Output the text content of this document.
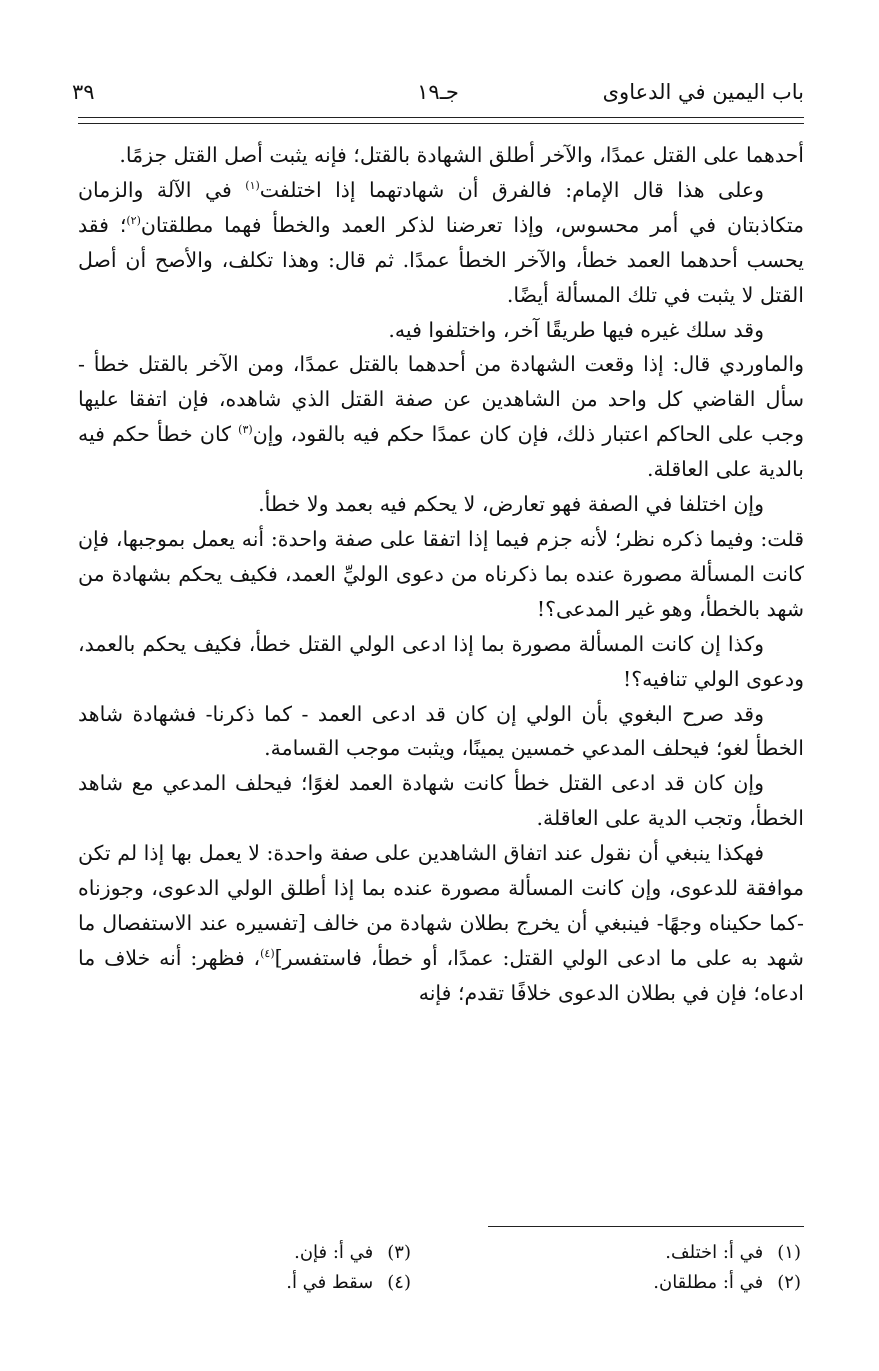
باب اليمين في الدعاوى
جـ١٩
٣٩

أحدهما على القتل عمدًا، والآخر أطلق الشهادة بالقتل؛ فإنه يثبت أصل القتل جزمًا.

وعلى هذا قال الإمام: فالفرق أن شهادتهما إذا اختلفت$^{(١)}$ في الآلة والزمان متكاذبتان في أمر محسوس، وإذا تعرضنا لذكر العمد والخطأ فهما مطلقتان$^{(٢)}$؛ فقد يحسب أحدهما العمد خطأ، والآخر الخطأ عمدًا. ثم قال: وهذا تكلف، والأصح أن أصل القتل لا يثبت في تلك المسألة أيضًا.

وقد سلك غيره فيها طريقًا آخر، واختلفوا فيه.

والماوردي قال: إذا وقعت الشهادة من أحدهما بالقتل عمدًا، ومن الآخر بالقتل خطأ - سأل القاضي كل واحد من الشاهدين عن صفة القتل الذي شاهده، فإن اتفقا عليها وجب على الحاكم اعتبار ذلك، فإن كان عمدًا حكم فيه بالقود، وإن$^{(٣)}$ كان خطأ حكم فيه بالدية على العاقلة.

وإن اختلفا في الصفة فهو تعارض، لا يحكم فيه بعمد ولا خطأ.

قلت: وفيما ذكره نظر؛ لأنه جزم فيما إذا اتفقا على صفة واحدة: أنه يعمل بموجبها، فإن كانت المسألة مصورة عنده بما ذكرناه من دعوى الوليِّ العمد، فكيف يحكم بشهادة من شهد بالخطأ، وهو غير المدعى؟!

وكذا إن كانت المسألة مصورة بما إذا ادعى الولي القتل خطأ، فكيف يحكم بالعمد، ودعوى الولي تنافيه؟!

وقد صرح البغوي بأن الولي إن كان قد ادعى العمد - كما ذكرنا- فشهادة شاهد الخطأ لغو؛ فيحلف المدعي خمسين يمينًا، ويثبت موجب القسامة.

وإن كان قد ادعى القتل خطأ كانت شهادة العمد لغوًا؛ فيحلف المدعي مع شاهد الخطأ، وتجب الدية على العاقلة.

فهكذا ينبغي أن نقول عند اتفاق الشاهدين على صفة واحدة: لا يعمل بها إذا لم تكن موافقة للدعوى، وإن كانت المسألة مصورة عنده بما إذا أطلق الولي الدعوى، وجوزناه -كما حكيناه وجهًا- فينبغي أن يخرج بطلان شهادة من خالف [تفسيره عند الاستفصال ما شهد به على ما ادعى الولي القتل: عمدًا، أو خطأ، فاستفسر]$^{(٤)}$، فظهر: أنه خلاف ما ادعاه؛ فإن في بطلان الدعوى خلافًا تقدم؛ فإنه

(١)
في أ: اختلف.
(٢)
في أ: مطلقان.
(٣)
في أ: فإن.
(٤)
سقط في أ.
